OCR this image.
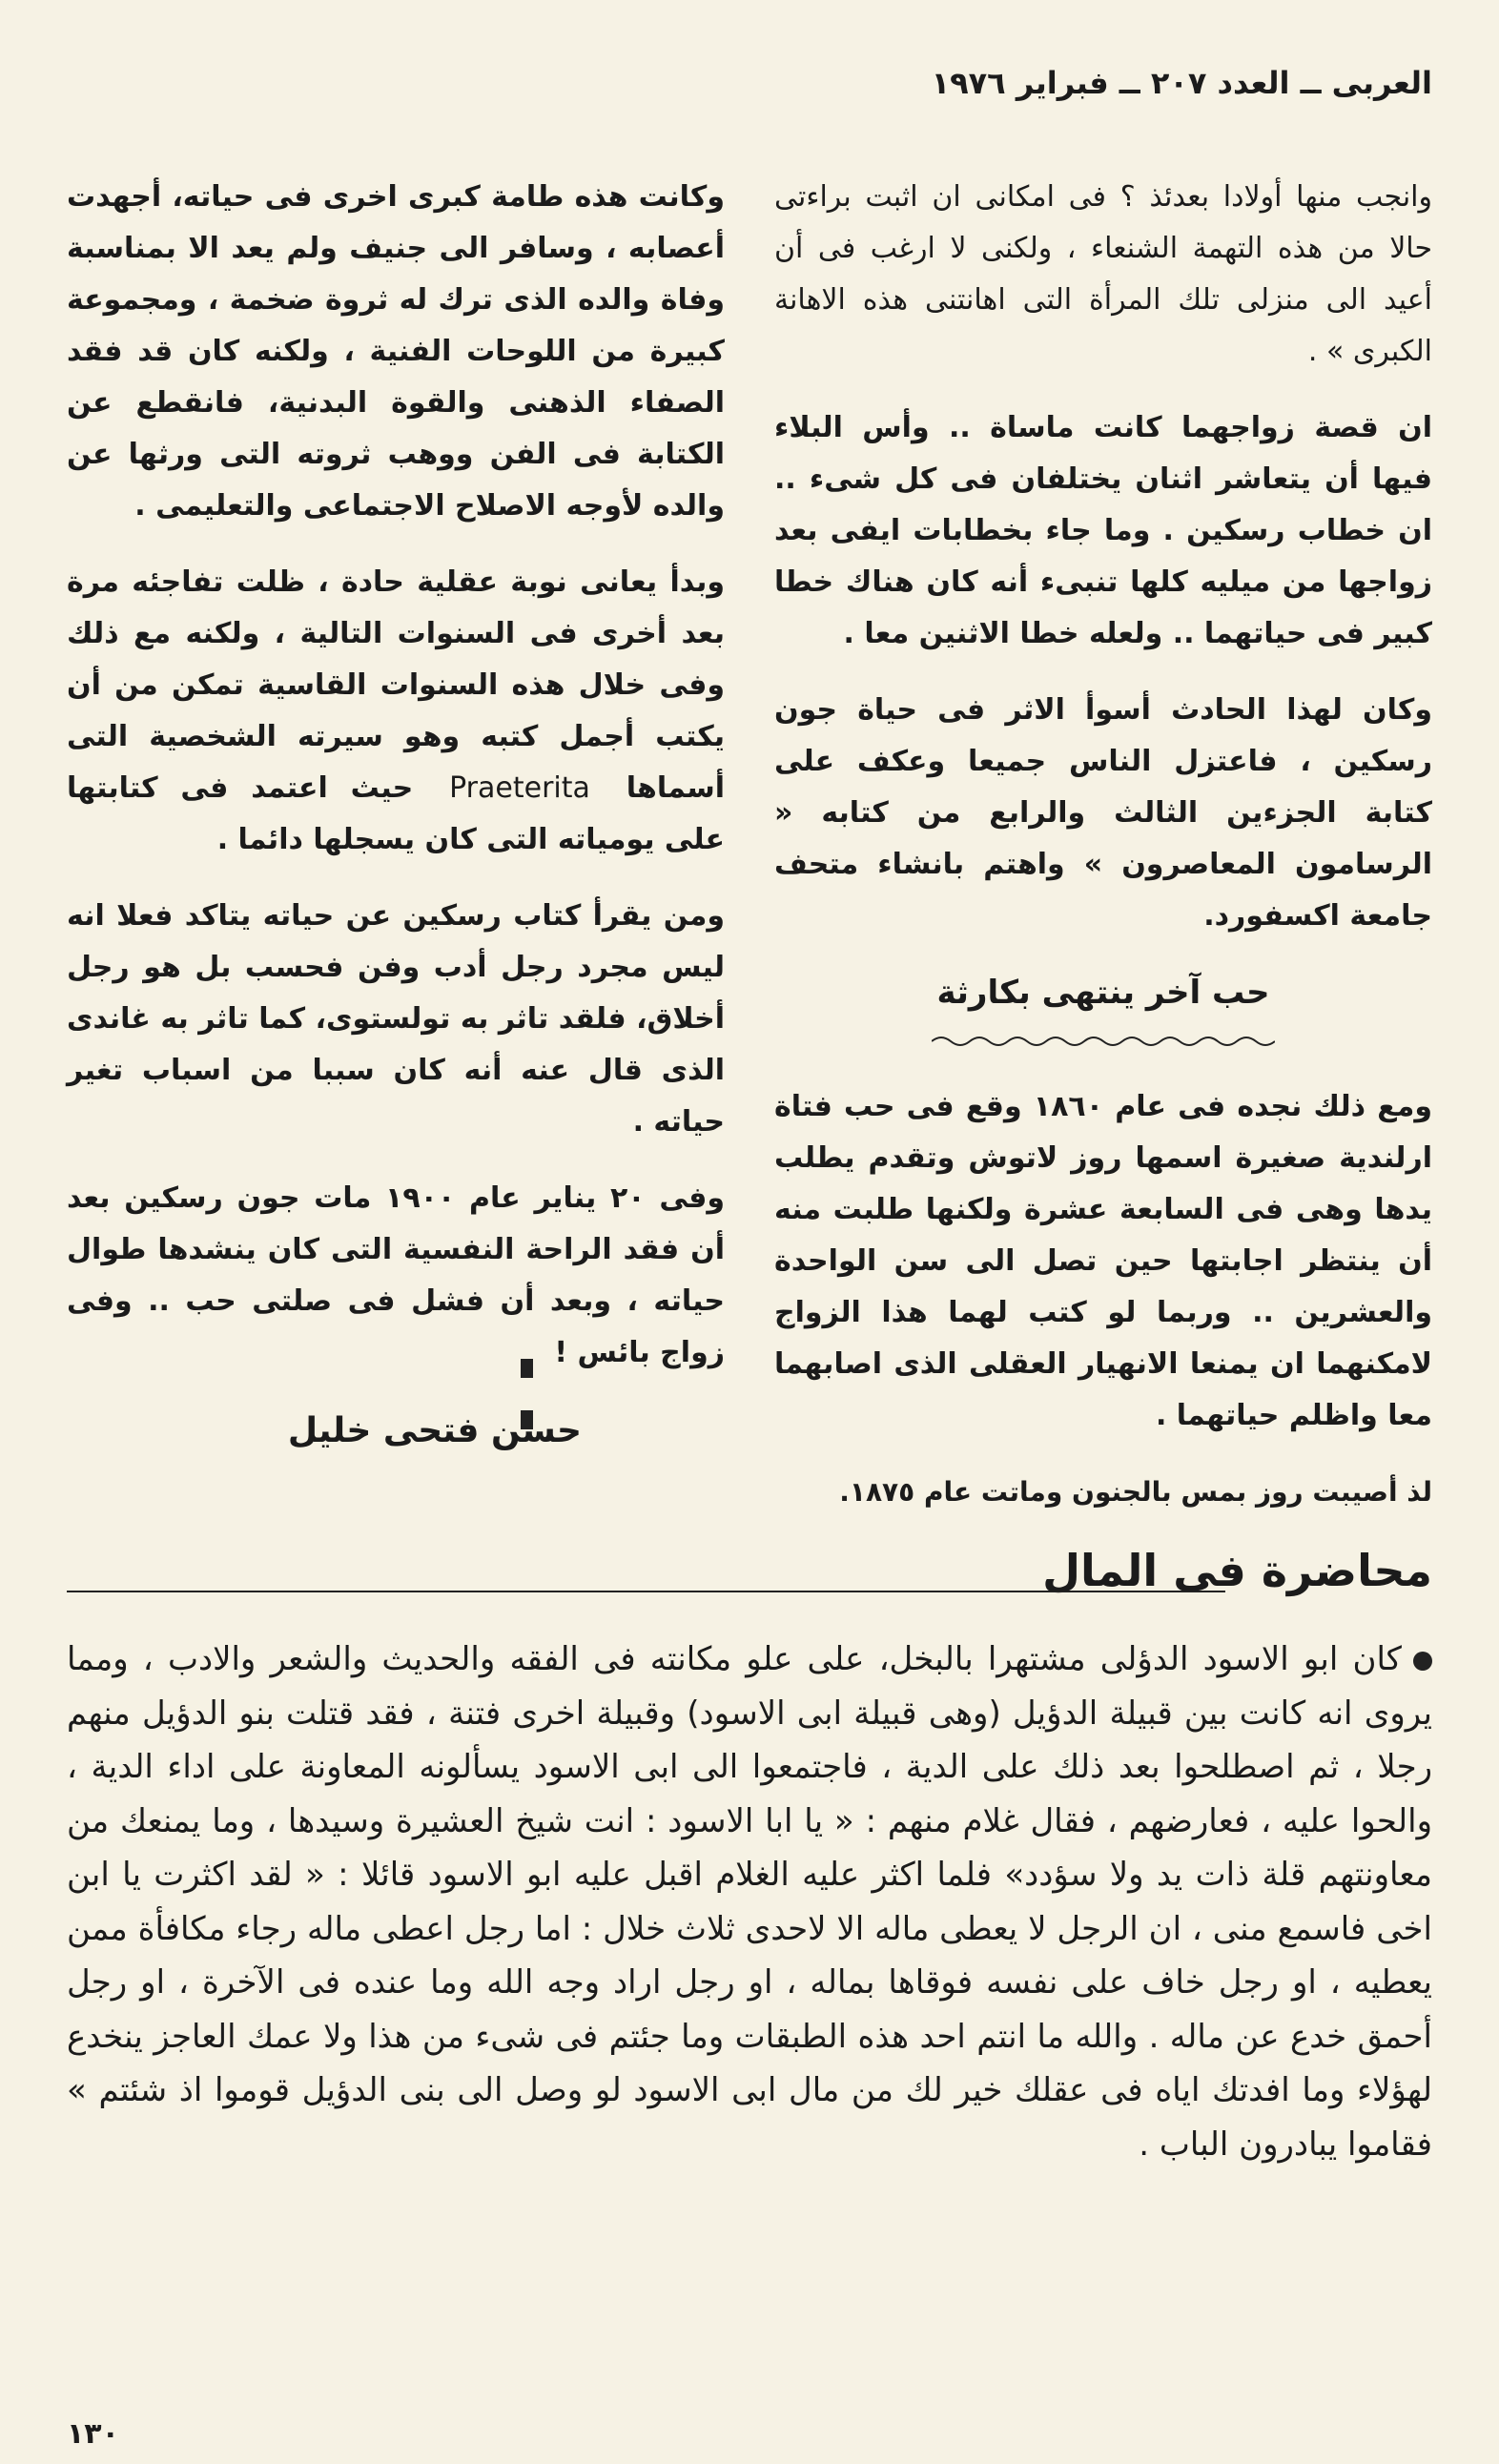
العربى ــ العدد ٢٠٧ ــ فبراير ١٩٧٦

وانجب منها أولادا بعدئذ ؟ فى امكانى ان اثبت براءتى حالا من هذه التهمة الشنعاء ، ولكنى لا ارغب فى أن أعيد الى منزلى تلك المرأة التى اهانتنى هذه الاهانة الكبرى » .

ان قصة زواجهما كانت ماساة .. وأس البلاء فيها أن يتعاشر اثنان يختلفان فى كل شىء .. ان خطاب رسكين . وما جاء بخطابات ايفى بعد زواجها من ميليه كلها تنبىء أنه كان هناك خطا كبير فى حياتهما .. ولعله خطا الاثنين معا .

وكان لهذا الحادث أسوأ الاثر فى حياة جون رسكين ، فاعتزل الناس جميعا وعكف على كتابة الجزءين الثالث والرابع من كتابه « الرسامون المعاصرون » واهتم بانشاء متحف جامعة اكسفورد.

حب آخر ينتهى بكارثة

ومع ذلك نجده فى عام ١٨٦٠ وقع فى حب فتاة ارلندية صغيرة اسمها روز لاتوش وتقدم يطلب يدها وهى فى السابعة عشرة ولكنها طلبت منه أن ينتظر اجابتها حين تصل الى سن الواحدة والعشرين .. وربما لو كتب لهما هذا الزواج لامكنهما ان يمنعا الانهيار العقلى الذى اصابهما معا واظلم حياتهما .

لذ أصيبت روز بمس بالجنون وماتت عام ١٨٧٥.

وكانت هذه طامة كبرى اخرى فى حياته، أجهدت أعصابه ، وسافر الى جنيف ولم يعد الا بمناسبة وفاة والده الذى ترك له ثروة ضخمة ، ومجموعة كبيرة من اللوحات الفنية ، ولكنه كان قد فقد الصفاء الذهنى والقوة البدنية، فانقطع عن الكتابة فى الفن ووهب ثروته التى ورثها عن والده لأوجه الاصلاح الاجتماعى والتعليمى .

وبدأ يعانى نوبة عقلية حادة ، ظلت تفاجئه مرة بعد أخرى فى السنوات التالية ، ولكنه مع ذلك وفى خلال هذه السنوات القاسية تمكن من أن يكتب أجمل كتبه وهو سيرته الشخصية التى أسماها Praeterita حيث اعتمد فى كتابتها على يومياته التى كان يسجلها دائما .

ومن يقرأ كتاب رسكين عن حياته يتاكد فعلا انه ليس مجرد رجل أدب وفن فحسب بل هو رجل أخلاق، فلقد تاثر به تولستوى، كما تاثر به غاندى الذى قال عنه أنه كان سببا من اسباب تغير حياته .

وفى ٢٠ يناير عام ١٩٠٠ مات جون رسكين بعد أن فقد الراحة النفسية التى كان ينشدها طوال حياته ، وبعد أن فشل فى صلتى حب .. وفى زواج بائس !

حسن فتحى خليل
محاضرة فى المال
كان ابو الاسود الدؤلى مشتهرا بالبخل، على علو مكانته فى الفقه والحديث والشعر والادب ، ومما يروى انه كانت بين قبيلة الدؤيل (وهى قبيلة ابى الاسود) وقبيلة اخرى فتنة ، فقد قتلت بنو الدؤيل منهم رجلا ، ثم اصطلحوا بعد ذلك على الدية ، فاجتمعوا الى ابى الاسود يسألونه المعاونة على اداء الدية ، والحوا عليه ، فعارضهم ، فقال غلام منهم : « يا ابا الاسود : انت شيخ العشيرة وسيدها ، وما يمنعك من معاونتهم قلة ذات يد ولا سؤدد» فلما اكثر عليه الغلام اقبل عليه ابو الاسود قائلا : « لقد اكثرت يا ابن اخى فاسمع منى ، ان الرجل لا يعطى ماله الا لاحدى ثلاث خلال : اما رجل اعطى ماله رجاء مكافأة ممن يعطيه ، او رجل خاف على نفسه فوقاها بماله ، او رجل اراد وجه الله وما عنده فى الآخرة ، او رجل أحمق خدع عن ماله . والله ما انتم احد هذه الطبقات وما جئتم فى شىء من هذا ولا عمك العاجز ينخدع لهؤلاء وما افدتك اياه فى عقلك خير لك من مال ابى الاسود لو وصل الى بنى الدؤيل قوموا اذ شئتم » فقاموا يبادرون الباب .
١٣٠
